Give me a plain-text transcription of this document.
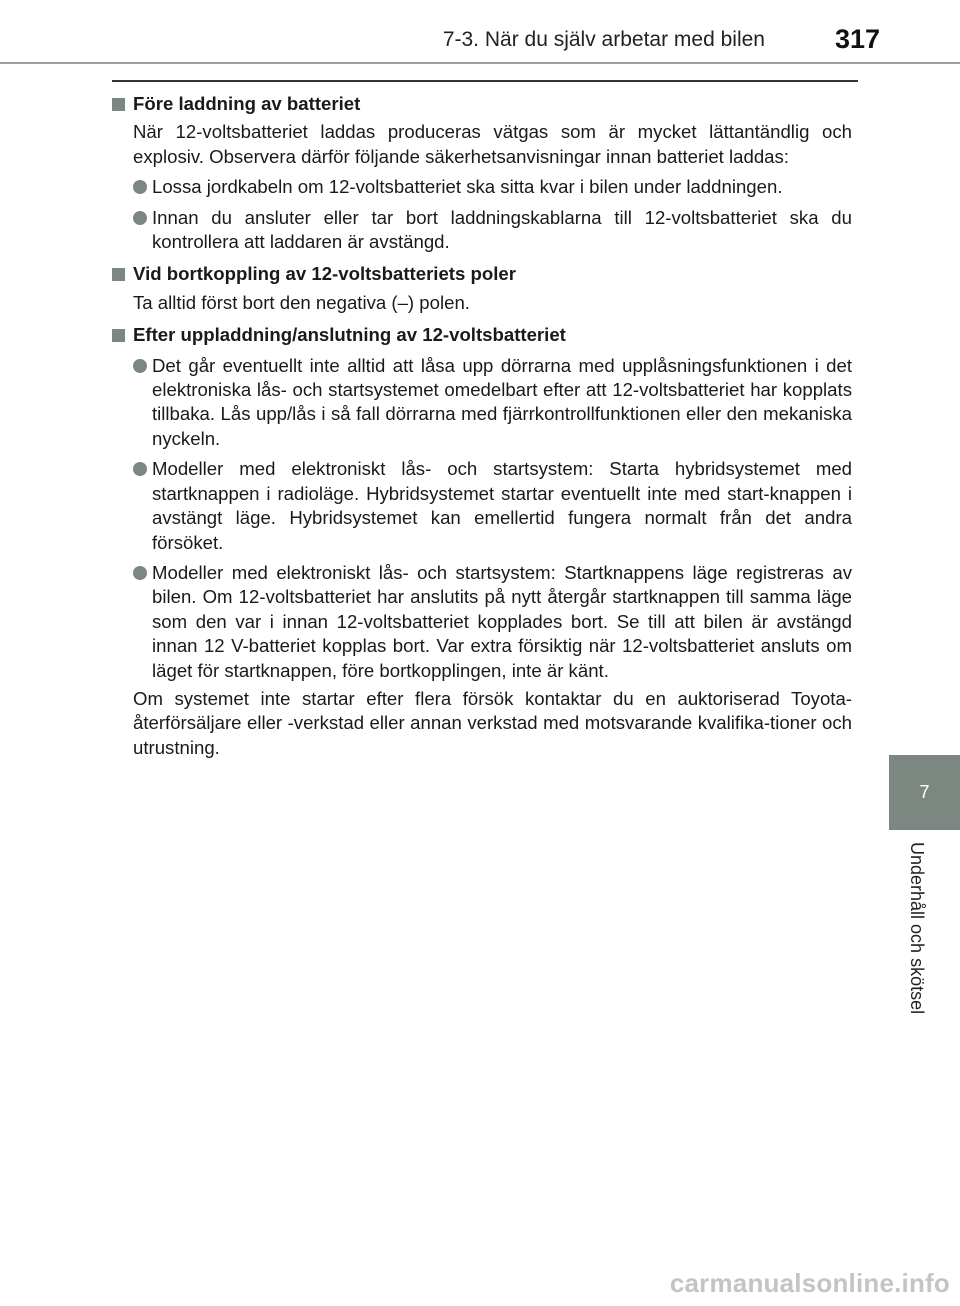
7-3. När du själv arbetar med bilen	317
7
Underhåll och skötsel

Före laddning av batteriet

När 12-voltsbatteriet laddas produceras vätgas som är mycket lättantändlig och explosiv. Observera därför följande säkerhetsanvisningar innan batteriet laddas:

Lossa jordkabeln om 12-voltsbatteriet ska sitta kvar i bilen under laddningen.
Innan du ansluter eller tar bort laddningskablarna till 12-voltsbatteriet ska du kontrollera att laddaren är avstängd.

Vid bortkoppling av 12-voltsbatteriets poler

Ta alltid först bort den negativa (–) polen.

Efter uppladdning/anslutning av 12-voltsbatteriet

Det går eventuellt inte alltid att låsa upp dörrarna med upplåsningsfunktionen i det elektroniska lås- och startsystemet omedelbart efter att 12-voltsbatteriet har kopplats tillbaka. Lås upp/lås i så fall dörrarna med fjärrkontrollfunktionen eller den mekaniska nyckeln.
Modeller med elektroniskt lås- och startsystem: Starta hybridsystemet med startknappen i radioläge. Hybridsystemet startar eventuellt inte med start-knappen i avstängt läge. Hybridsystemet kan emellertid fungera normalt från det andra försöket.
Modeller med elektroniskt lås- och startsystem: Startknappens läge registreras av bilen. Om 12-voltsbatteriet har anslutits på nytt återgår startknappen till samma läge som den var i innan 12-voltsbatteriet kopplades bort. Se till att bilen är avstängd innan 12 V-batteriet kopplas bort. Var extra försiktig när 12-voltsbatteriet ansluts om läget för startknappen, före bortkopplingen, inte är känt.

Om systemet inte startar efter flera försök kontaktar du en auktoriserad Toyota-återförsäljare eller -verkstad eller annan verkstad med motsvarande kvalifika-tioner och utrustning.

carmanualsonline.info
